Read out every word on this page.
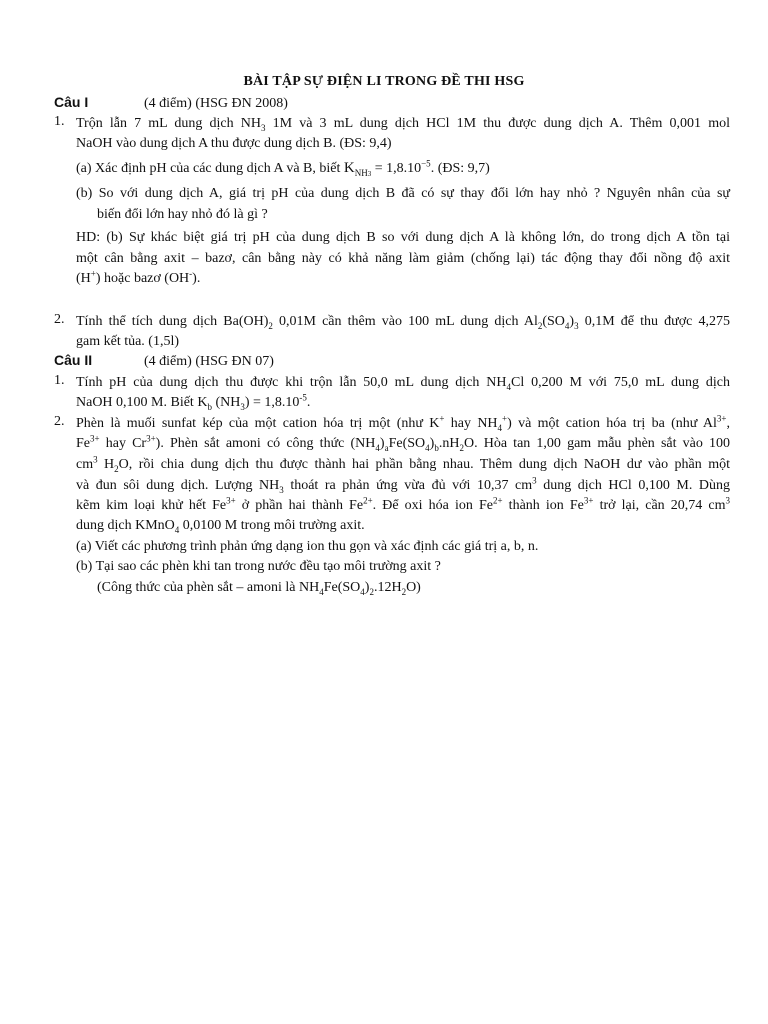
BÀI TẬP SỰ ĐIỆN LI TRONG ĐỀ THI HSG
Câu I	(4 điểm) (HSG ĐN 2008)
1. Trộn lẫn 7 mL dung dịch $NH_3$ 1M và 3 mL dung dịch HCl 1M thu được dung dịch A. Thêm 0,001 mol
NaOH vào dung dịch A thu được dung dịch B. (ĐS: 9,4)
(a) Xác định pH của các dung dịch A và B, biết $K_{NH3} = 1,8.10^{-5}$. (ĐS: 9,7)
(b) So với dung dịch A, giá trị pH của dung dịch B đã có sự thay đổi lớn hay nhỏ ? Nguyên nhân của sự
biến đổi lớn hay nhỏ đó là gì ?
HD: (b) Sự khác biệt giá trị pH của dung dịch B so với dung dịch A là không lớn, do trong dịch A tồn tại
một cân bằng axit – bazơ, cân bằng này có khả năng làm giảm (chống lại) tác động thay đổi nồng độ axit
(H+) hoặc bazơ (OH-).
2. Tính thể tích dung dịch $Ba(OH)_2$ 0,01M cần thêm vào 100 mL dung dịch $Al_2(SO_4)_3$ 0,1M để thu được 4,275
gam kết tủa. (1,5l)
Câu II	(4 điểm) (HSG ĐN 07)
1. Tính pH của dung dịch thu được khi trộn lẫn 50,0 mL dung dịch $NH_4Cl$ 0,200 M với 75,0 mL dung dịch
NaOH 0,100 M. Biết $K_b$ $(NH_3) = 1,8.10^{-5}$.
2. Phèn là muối sunfat kép của một cation hóa trị một (như K+ hay $NH_4^+$) và một cation hóa trị ba (như $Al^{3+}$,
$Fe^{3+}$ hay $Cr^{3+}$). Phèn sắt amoni có công thức $(NH_4)_aFe(SO_4)_b.nH_2O$. Hòa tan 1,00 gam mẫu phèn sắt vào 100
$cm^3$ $H_2O$, rồi chia dung dịch thu được thành hai phần bằng nhau. Thêm dung dịch NaOH dư vào phần một
và đun sôi dung dịch. Lượng $NH_3$ thoát ra phản ứng vừa đủ với 10,37 $cm^3$ dung dịch HCl 0,100 M. Dùng
kẽm kim loại khử hết $Fe^{3+}$ ở phần hai thành $Fe^{2+}$. Để oxi hóa ion $Fe^{2+}$ thành ion $Fe^{3+}$ trở lại, cần 20,74 $cm^3$
dung dịch KMnO$_4$ 0,0100 M trong môi trường axit.
(a) Viết các phương trình phản ứng dạng ion thu gọn và xác định các giá trị a, b, n.
(b) Tại sao các phèn khi tan trong nước đều tạo môi trường axit ?
(Công thức của phèn sắt – amoni là $NH_4Fe(SO_4)_2.12H_2O$)
